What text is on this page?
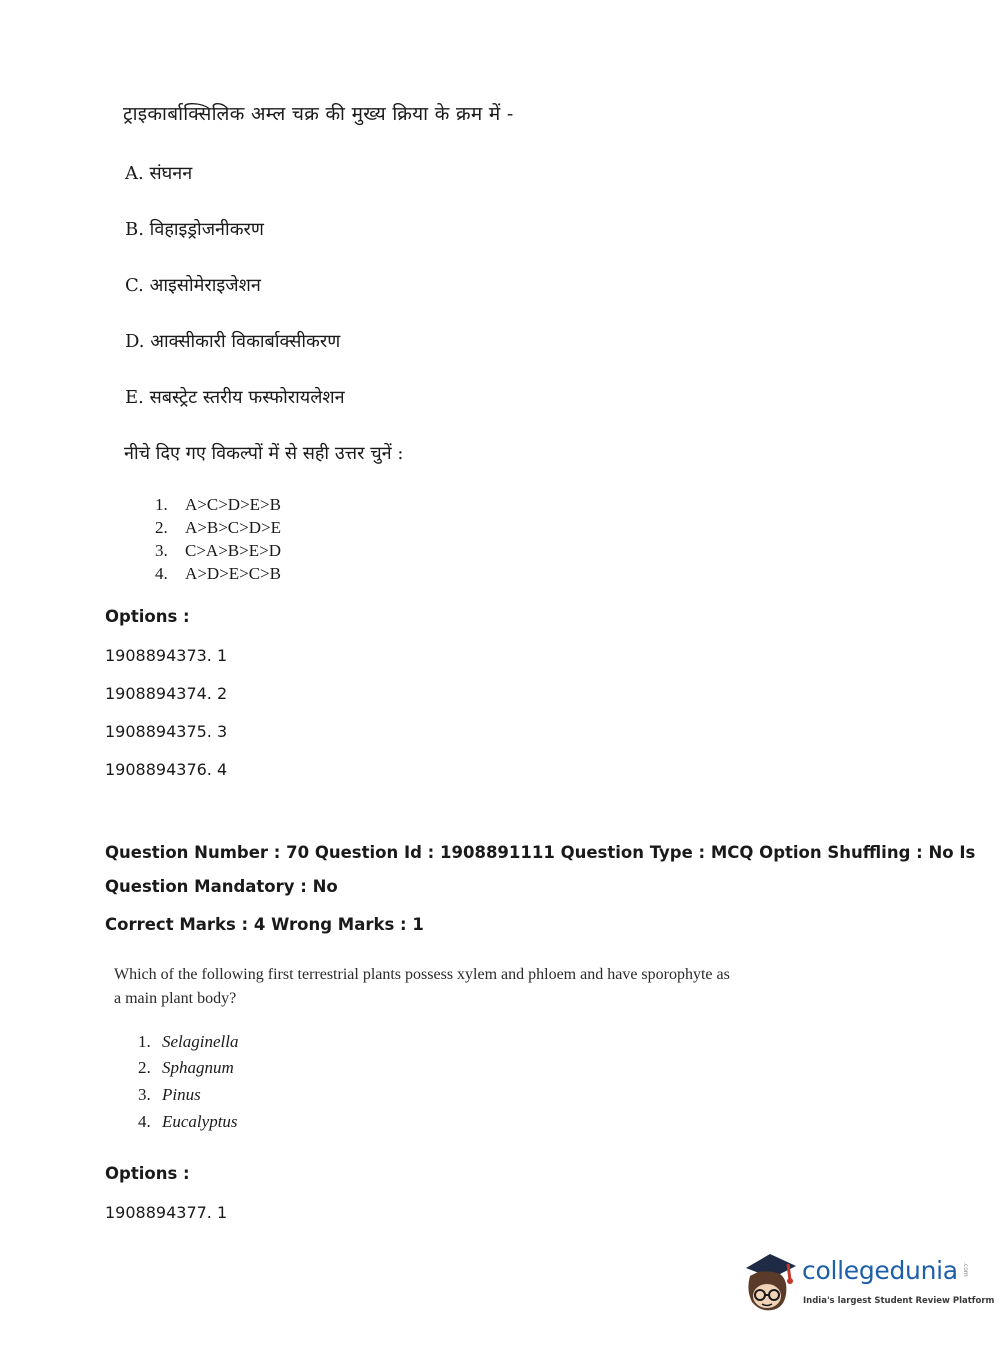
ट्राइकार्बाक्सिलिक अम्ल चक्र की मुख्य क्रिया के क्रम में -
A. संघनन
B. विहाइड्रोजनीकरण
C. आइसोमेराइजेशन
D. आक्सीकारी विकार्बाक्सीकरण
E. सबस्ट्रेट स्तरीय फस्फोरायलेशन
नीचे दिए गए विकल्पों में से सही उत्तर चुनें :
1. A>C>D>E>B
2. A>B>C>D>E
3. C>A>B>E>D
4. A>D>E>C>B
Options :
1908894373. 1
1908894374. 2
1908894375. 3
1908894376. 4
Question Number : 70 Question Id : 1908891111 Question Type : MCQ Option Shuffling : No Is
Question Mandatory : No
Correct Marks : 4 Wrong Marks : 1
Which of the following first terrestrial plants possess xylem and phloem and have sporophyte as a main plant body?
1. Selaginella
2. Sphagnum
3. Pinus
4. Eucalyptus
Options :
1908894377. 1
collegedunia .com
India's largest Student Review Platform
